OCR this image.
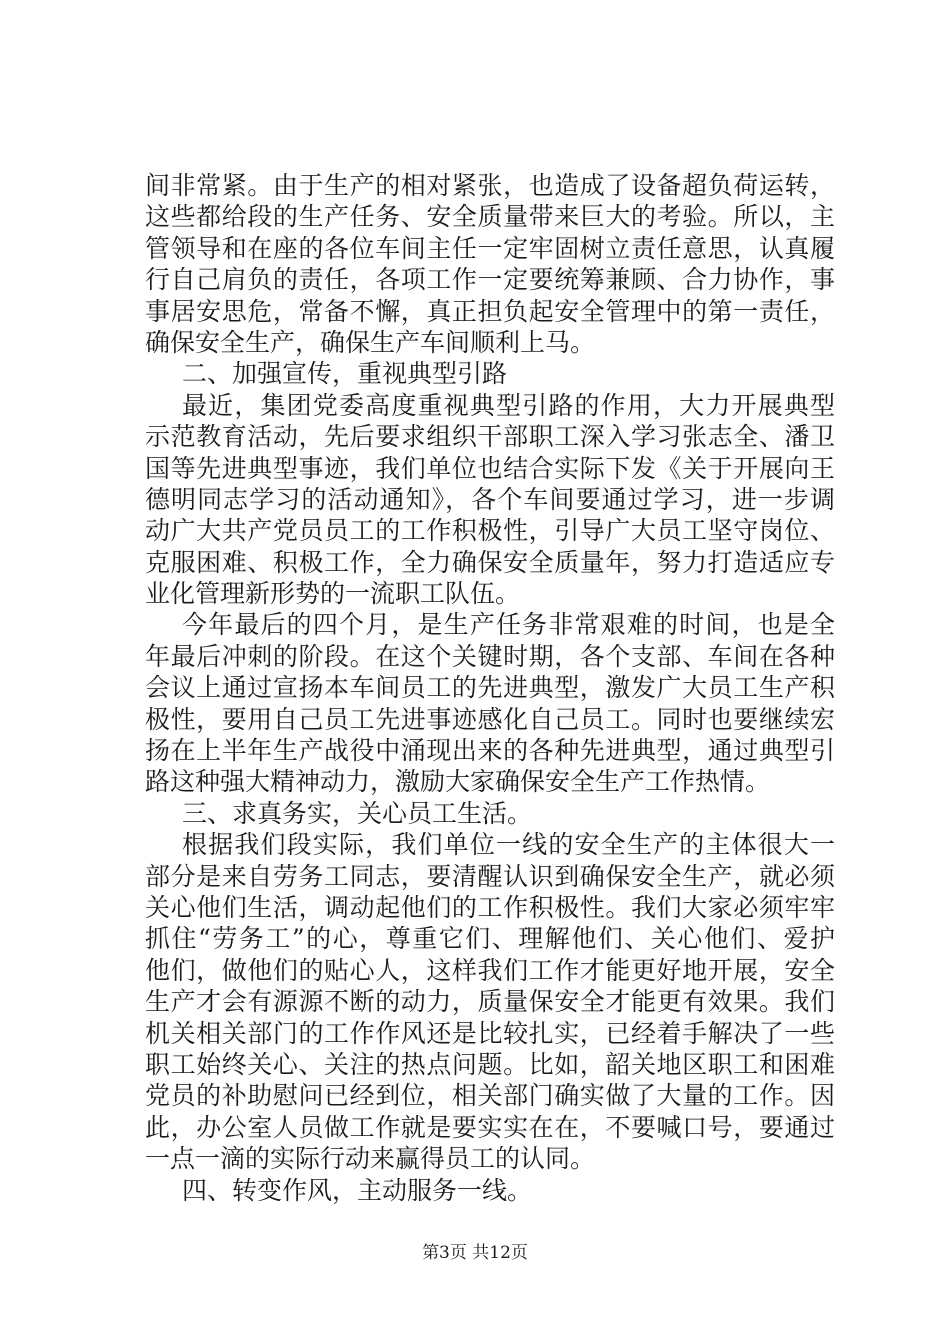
间非常紧。由于生产的相对紧张，也造成了设备超负荷运转，
这些都给段的生产任务、安全质量带来巨大的考验。所以，主
管领导和在座的各位车间主任一定牢固树立责任意思，认真履
行自己肩负的责任，各项工作一定要统筹兼顾、合力协作，事
事居安思危，常备不懈，真正担负起安全管理中的第一责任，
确保安全生产，确保生产车间顺利上马。
二、加强宣传，重视典型引路
最近，集团党委高度重视典型引路的作用，大力开展典型
示范教育活动，先后要求组织干部职工深入学习张志全、潘卫
国等先进典型事迹，我们单位也结合实际下发《关于开展向王
德明同志学习的活动通知》，各个车间要通过学习，进一步调
动广大共产党员员工的工作积极性，引导广大员工坚守岗位、
克服困难、积极工作，全力确保安全质量年，努力打造适应专
业化管理新形势的一流职工队伍。
今年最后的四个月，是生产任务非常艰难的时间，也是全
年最后冲刺的阶段。在这个关键时期，各个支部、车间在各种
会议上通过宣扬本车间员工的先进典型，激发广大员工生产积
极性，要用自己员工先进事迹感化自己员工。同时也要继续宏
扬在上半年生产战役中涌现出来的各种先进典型，通过典型引
路这种强大精神动力，激励大家确保安全生产工作热情。
三、求真务实，关心员工生活。
根据我们段实际，我们单位一线的安全生产的主体很大一
部分是来自劳务工同志，要清醒认识到确保安全生产，就必须
关心他们生活，调动起他们的工作积极性。我们大家必须牢牢
抓住“劳务工”的心，尊重它们、理解他们、关心他们、爱护
他们，做他们的贴心人，这样我们工作才能更好地开展，安全
生产才会有源源不断的动力，质量保安全才能更有效果。我们
机关相关部门的工作作风还是比较扎实，已经着手解决了一些
职工始终关心、关注的热点问题。比如，韶关地区职工和困难
党员的补助慰问已经到位，相关部门确实做了大量的工作。因
此，办公室人员做工作就是要实实在在，不要喊口号，要通过
一点一滴的实际行动来赢得员工的认同。
四、转变作风，主动服务一线。
第3页 共12页
